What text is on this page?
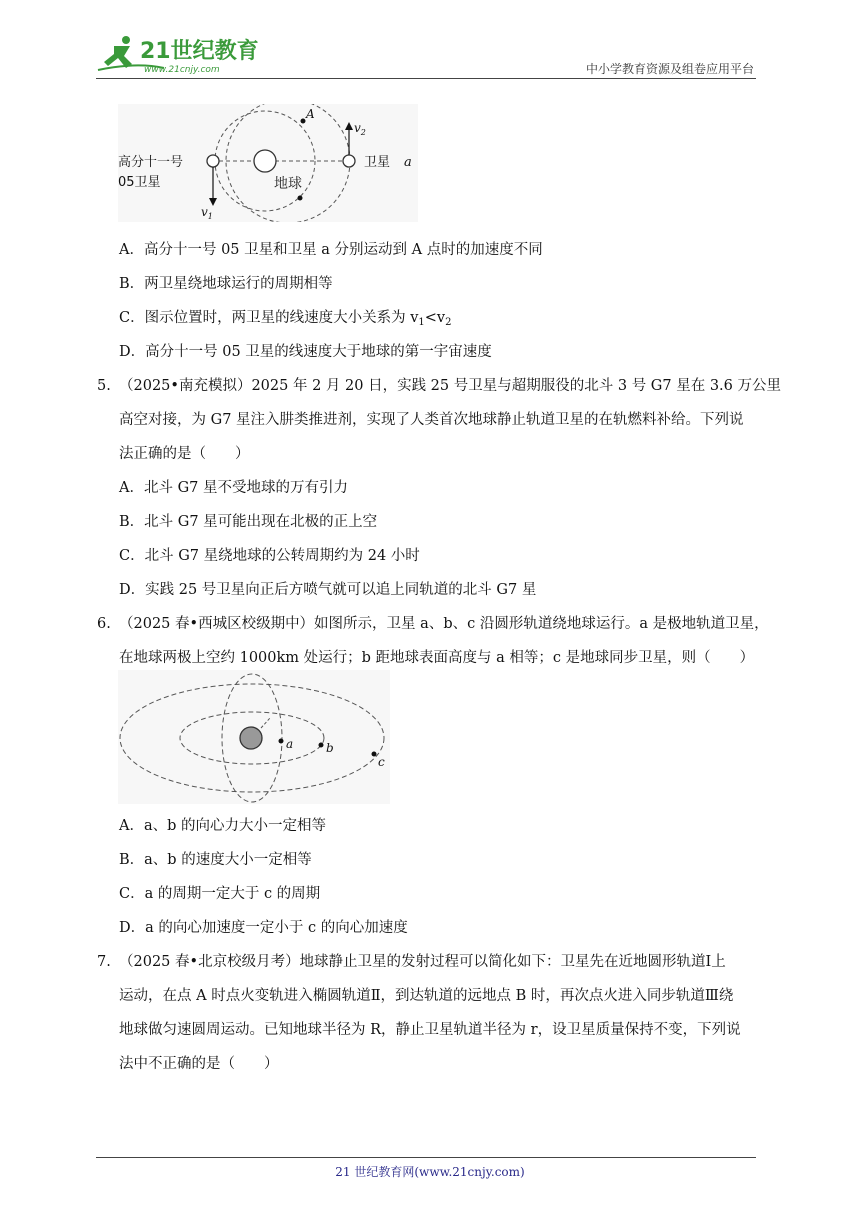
21世纪教育
www.21cnjy.com	中小学教育资源及组卷应用平台
地球
A
$v_1$
$v_2$
高分十一号
05卫星
卫星 a
A．高分十一号 05 卫星和卫星 a 分别运动到 A 点时的加速度不同
B．两卫星绕地球运行的周期相等
C．图示位置时，两卫星的线速度大小关系为 $v_1<v_2$
D．高分十一号 05 卫星的线速度大于地球的第一宇宙速度
5. （2025•南充模拟）2025 年 2 月 20 日，实践 25 号卫星与超期服役的北斗 3 号 G7 星在 3.6 万公里
高空对接，为 G7 星注入肼类推进剂，实现了人类首次地球静止轨道卫星的在轨燃料补给。下列说
法正确的是（　　）
A．北斗 G7 星不受地球的万有引力
B．北斗 G7 星可能出现在北极的正上空
C．北斗 G7 星绕地球的公转周期约为 24 小时
D．实践 25 号卫星向正后方喷气就可以追上同轨道的北斗 G7 星
6. （2025 春•西城区校级期中）如图所示，卫星 a、b、c 沿圆形轨道绕地球运行。a 是极地轨道卫星，
在地球两极上空约 1000km 处运行；b 距地球表面高度与 a 相等；c 是地球同步卫星，则（　　）
a	b
c
A．a、b 的向心力大小一定相等
B．a、b 的速度大小一定相等
C．a 的周期一定大于 c 的周期
D．a 的向心加速度一定小于 c 的向心加速度
7. （2025 春•北京校级月考）地球静止卫星的发射过程可以简化如下：卫星先在近地圆形轨道Ⅰ上
运动，在点 A 时点火变轨进入椭圆轨道Ⅱ，到达轨道的远地点 B 时，再次点火进入同步轨道Ⅲ绕
地球做匀速圆周运动。已知地球半径为 R，静止卫星轨道半径为 r，设卫星质量保持不变，下列说
法中不正确的是（　　）
21 世纪教育网(www.21cnjy.com)
